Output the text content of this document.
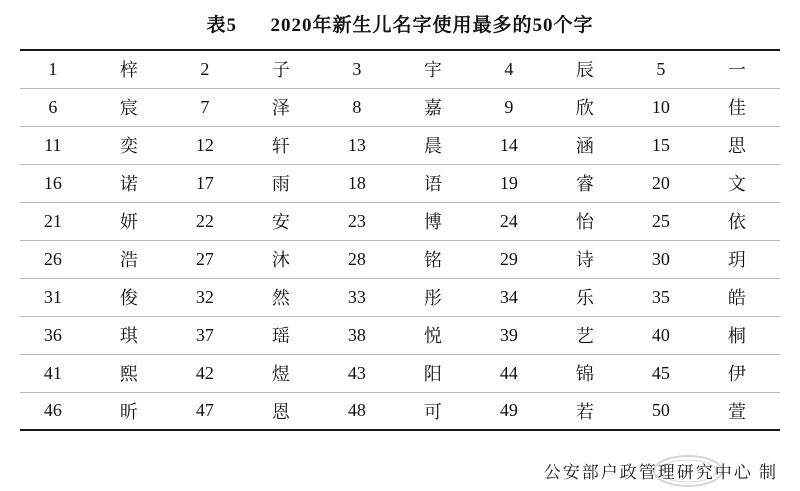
表5 2020年新生儿名字使用最多的50个字
1	梓	2	子	3	宇	4	辰	5	一
6	宸	7	泽	8	嘉	9	欣	10	佳
11	奕	12	轩	13	晨	14	涵	15	思
16	诺	17	雨	18	语	19	睿	20	文
21	妍	22	安	23	博	24	怡	25	依
26	浩	27	沐	28	铭	29	诗	30	玥
31	俊	32	然	33	彤	34	乐	35	皓
36	琪	37	瑶	38	悦	39	艺	40	桐
41	熙	42	煜	43	阳	44	锦	45	伊
46	昕	47	恩	48	可	49	若	50	萱
公安部户政管理研究中心 制
